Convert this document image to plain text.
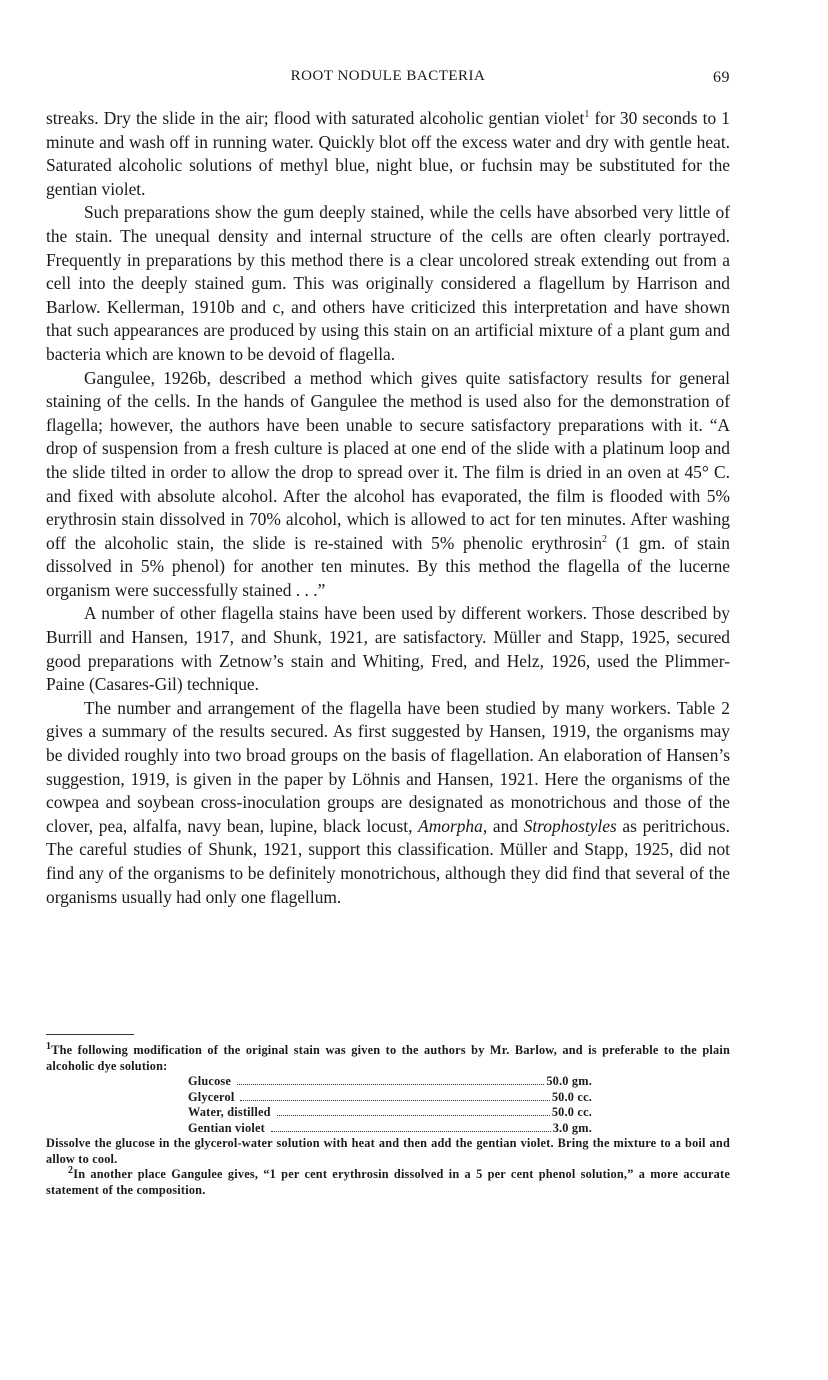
ROOT NODULE BACTERIA	69

streaks. Dry the slide in the air; flood with saturated alcoholic gentian violet$^1$ for 30 seconds to 1 minute and wash off in running water. Quickly blot off the excess water and dry with gentle heat. Saturated alcoholic solutions of methyl blue, night blue, or fuchsin may be substituted for the gentian violet.

Such preparations show the gum deeply stained, while the cells have absorbed very little of the stain. The unequal density and internal structure of the cells are often clearly portrayed. Frequently in preparations by this method there is a clear uncolored streak extending out from a cell into the deeply stained gum. This was originally considered a flagellum by Harrison and Barlow. Kellerman, 1910b and c, and others have criticized this interpretation and have shown that such appearances are produced by using this stain on an artificial mixture of a plant gum and bacteria which are known to be devoid of flagella.

Gangulee, 1926b, described a method which gives quite satisfactory results for general staining of the cells. In the hands of Gangulee the method is used also for the demonstration of flagella; however, the authors have been unable to secure satisfactory preparations with it. “A drop of suspension from a fresh culture is placed at one end of the slide with a platinum loop and the slide tilted in order to allow the drop to spread over it. The film is dried in an oven at 45° C. and fixed with absolute alcohol. After the alcohol has evaporated, the film is flooded with 5% erythrosin stain dissolved in 70% alcohol, which is allowed to act for ten minutes. After washing off the alcoholic stain, the slide is re-stained with 5% phenolic erythrosin$^2$ (1 gm. of stain dissolved in 5% phenol) for another ten minutes. By this method the flagella of the lucerne organism were successfully stained . . .”

A number of other flagella stains have been used by different workers. Those described by Burrill and Hansen, 1917, and Shunk, 1921, are satisfactory. Müller and Stapp, 1925, secured good preparations with Zetnow’s stain and Whiting, Fred, and Helz, 1926, used the Plimmer-Paine (Casares-Gil) technique.

The number and arrangement of the flagella have been studied by many workers. Table 2 gives a summary of the results secured. As first suggested by Hansen, 1919, the organisms may be divided roughly into two broad groups on the basis of flagellation. An elaboration of Hansen’s suggestion, 1919, is given in the paper by Löhnis and Hansen, 1921. Here the organisms of the cowpea and soybean cross-inoculation groups are designated as monotrichous and those of the clover, pea, alfalfa, navy bean, lupine, black locust, Amorpha, and Strophostyles as peritrichous. The careful studies of Shunk, 1921, support this classification. Müller and Stapp, 1925, did not find any of the organisms to be definitely monotrichous, although they did find that several of the organisms usually had only one flagellum.

$^1$The following modification of the original stain was given to the authors by Mr. Barlow, and is preferable to the plain alcoholic dye solution:

Glucose	50.0 gm.
Glycerol	50.0 cc.
Water, distilled	50.0 cc.
Gentian violet	3.0 gm.

Dissolve the glucose in the glycerol-water solution with heat and then add the gentian violet. Bring the mixture to a boil and allow to cool.

$^2$In another place Gangulee gives, “1 per cent erythrosin dissolved in a 5 per cent phenol solution,” a more accurate statement of the composition.
